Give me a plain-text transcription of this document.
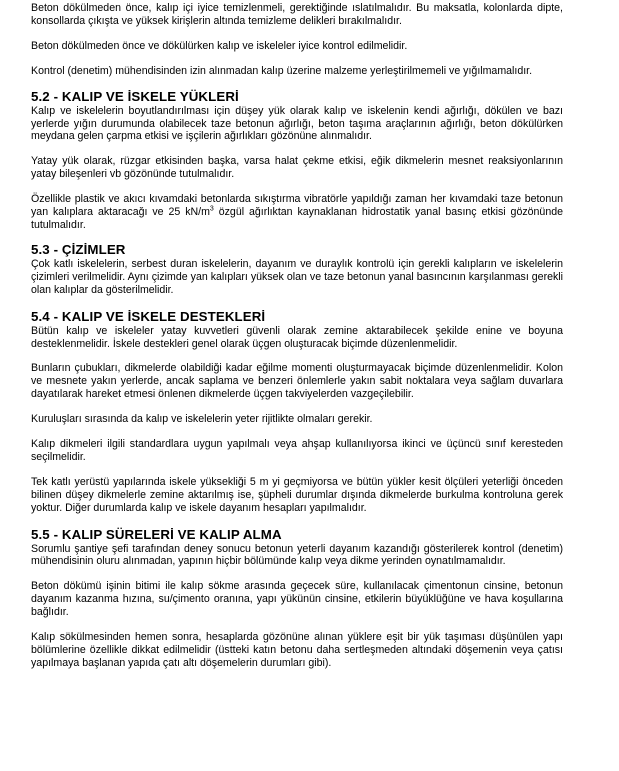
Beton dökülmeden önce, kalıp içi iyice temizlenmeli, gerektiğinde ıslatılmalıdır. Bu maksatla, kolonlarda dipte, konsollarda çıkışta ve yüksek kirişlerin altında temizleme delikleri bırakılmalıdır.

Beton dökülmeden önce ve dökülürken kalıp ve iskeleler iyice kontrol edilmelidir.

Kontrol (denetim) mühendisinden izin alınmadan kalıp üzerine malzeme yerleştirilmemeli ve yığılmamalıdır.

5.2 - KALIP VE İSKELE YÜKLERİ

Kalıp ve iskelelerin boyutlandırılması için düşey yük olarak kalıp ve iskelenin kendi ağırlığı, dökülen ve bazı yerlerde yığın durumunda olabilecek taze betonun ağırlığı, beton taşıma araçlarının ağırlığı, beton dökülürken meydana gelen çarpma etkisi ve işçilerin ağırlıkları gözönüne alınmalıdır.

Yatay yük olarak, rüzgar etkisinden başka, varsa halat çekme etkisi, eğik dikmelerin mesnet reaksiyonlarının yatay bileşenleri vb gözönünde tutulmalıdır.

Özellikle plastik ve akıcı kıvamdaki betonlarda sıkıştırma vibratörle yapıldığı zaman her kıvamdaki taze betonun yan kalıplara aktaracağı ve 25 $kN/m^3$ özgül ağırlıktan kaynaklanan hidrostatik yanal basınç etkisi gözönünde tutulmalıdır.

5.3 - ÇİZİMLER

Çok katlı iskelelerin, serbest duran iskelelerin, dayanım ve duraylık kontrolü için gerekli kalıpların ve iskelelerin çizimleri verilmelidir. Aynı çizimde yan kalıpları yüksek olan ve taze betonun yanal basıncının karşılanması gerekli olan kalıplar da gösterilmelidir.

5.4 - KALIP VE İSKELE DESTEKLERİ

Bütün kalıp ve iskeleler yatay kuvvetleri güvenli olarak zemine aktarabilecek şekilde enine ve boyuna desteklenmelidir. İskele destekleri genel olarak üçgen oluşturacak biçimde düzenlenmelidir.

Bunların çubukları, dikmelerde olabildiği kadar eğilme momenti oluşturmayacak biçimde düzenlenmelidir. Kolon ve mesnete yakın yerlerde, ancak saplama ve benzeri önlemlerle yakın sabit noktalara veya sağlam duvarlara dayatılarak hareket etmesi önlenen dikmelerde üçgen takviyelerden vazgeçilebilir.

Kuruluşları sırasında da kalıp ve iskelelerin yeter rijitlikte olmaları gerekir.

Kalıp dikmeleri ilgili standardlara uygun yapılmalı veya ahşap kullanılıyorsa ikinci ve üçüncü sınıf keresteden seçilmelidir.

Tek katlı yerüstü yapılarında iskele yüksekliği 5 m yi geçmiyorsa ve bütün yükler kesit ölçüleri yeterliği önceden bilinen düşey dikmelerle zemine aktarılmış ise, şüpheli durumlar dışında dikmelerde burkulma kontroluna gerek yoktur. Diğer durumlarda kalıp ve iskele dayanım hesapları yapılmalıdır.

5.5 - KALIP SÜRELERİ VE KALIP ALMA

Sorumlu şantiye şefi tarafından deney sonucu betonun yeterli dayanım kazandığı gösterilerek kontrol (denetim) mühendisinin oluru alınmadan, yapının hiçbir bölümünde kalıp veya dikme yerinden oynatılmamalıdır.

Beton dökümü işinin bitimi ile kalıp sökme arasında geçecek süre, kullanılacak çimentonun cinsine, betonun dayanım kazanma hızına, su/çimento oranına, yapı yükünün cinsine, etkilerin büyüklüğüne ve hava koşullarına bağlıdır.

Kalıp sökülmesinden hemen sonra, hesaplarda gözönüne alınan yüklere eşit bir yük taşıması düşünülen yapı bölümlerine özellikle dikkat edilmelidir (üstteki katın betonu daha sertleşmeden altındaki döşemenin veya çatısı yapılmaya başlanan yapıda çatı altı döşemelerin durumları gibi).
